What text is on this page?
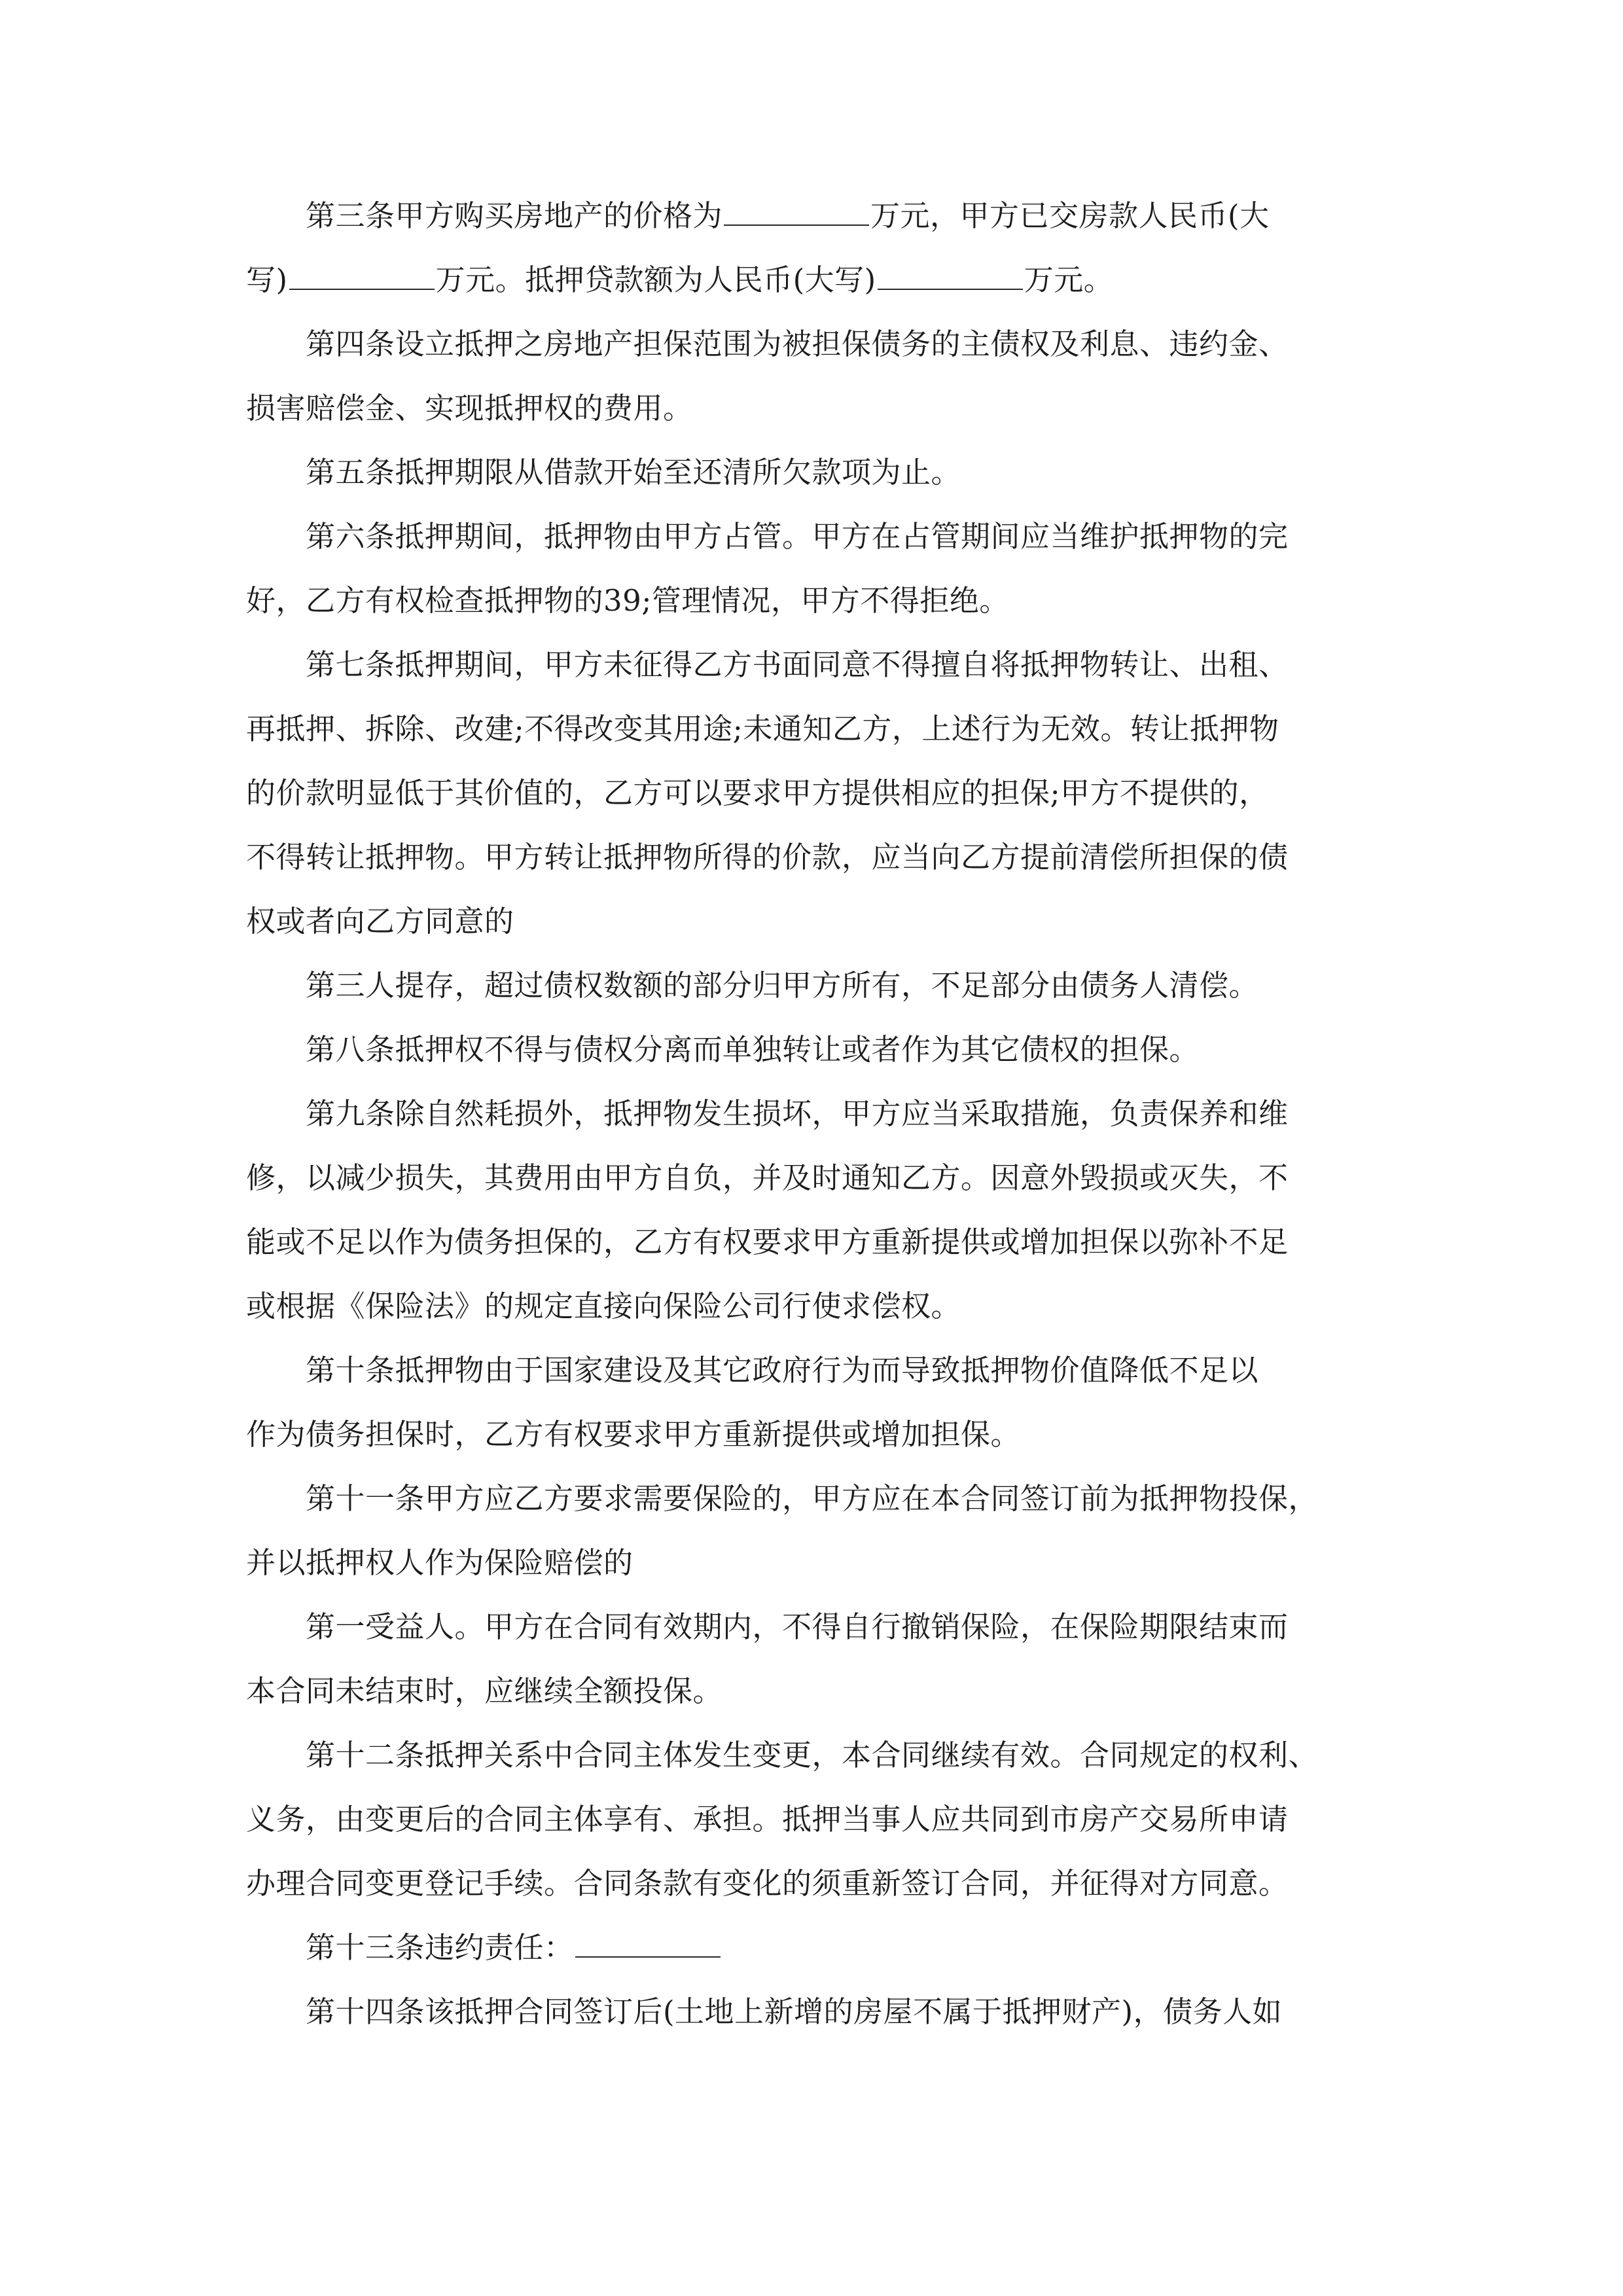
　　第三条甲方购买房地产的价格为	万元，甲方已交房款人民币(大
写)	万元。抵押贷款额为人民币(大写)	万元。
　　第四条设立抵押之房地产担保范围为被担保债务的主债权及利息、违约金、
损害赔偿金、实现抵押权的费用。
　　第五条抵押期限从借款开始至还清所欠款项为止。
　　第六条抵押期间，抵押物由甲方占管。甲方在占管期间应当维护抵押物的完
好，乙方有权检查抵押物的39;管理情况，甲方不得拒绝。
　　第七条抵押期间，甲方未征得乙方书面同意不得擅自将抵押物转让、出租、
再抵押、拆除、改建;不得改变其用途;未通知乙方，上述行为无效。转让抵押物
的价款明显低于其价值的，乙方可以要求甲方提供相应的担保;甲方不提供的，
不得转让抵押物。甲方转让抵押物所得的价款，应当向乙方提前清偿所担保的债
权或者向乙方同意的
　　第三人提存，超过债权数额的部分归甲方所有，不足部分由债务人清偿。
　　第八条抵押权不得与债权分离而单独转让或者作为其它债权的担保。
　　第九条除自然耗损外，抵押物发生损坏，甲方应当采取措施，负责保养和维
修，以减少损失，其费用由甲方自负，并及时通知乙方。因意外毁损或灭失，不
能或不足以作为债务担保的，乙方有权要求甲方重新提供或增加担保以弥补不足
或根据《保险法》的规定直接向保险公司行使求偿权。
　　第十条抵押物由于国家建设及其它政府行为而导致抵押物价值降低不足以
作为债务担保时，乙方有权要求甲方重新提供或增加担保。
　　第十一条甲方应乙方要求需要保险的，甲方应在本合同签订前为抵押物投保，
并以抵押权人作为保险赔偿的
　　第一受益人。甲方在合同有效期内，不得自行撤销保险，在保险期限结束而
本合同未结束时，应继续全额投保。
　　第十二条抵押关系中合同主体发生变更，本合同继续有效。合同规定的权利、
义务，由变更后的合同主体享有、承担。抵押当事人应共同到市房产交易所申请
办理合同变更登记手续。合同条款有变化的须重新签订合同，并征得对方同意。
　　第十三条违约责任：
　　第十四条该抵押合同签订后(土地上新增的房屋不属于抵押财产)，债务人如
